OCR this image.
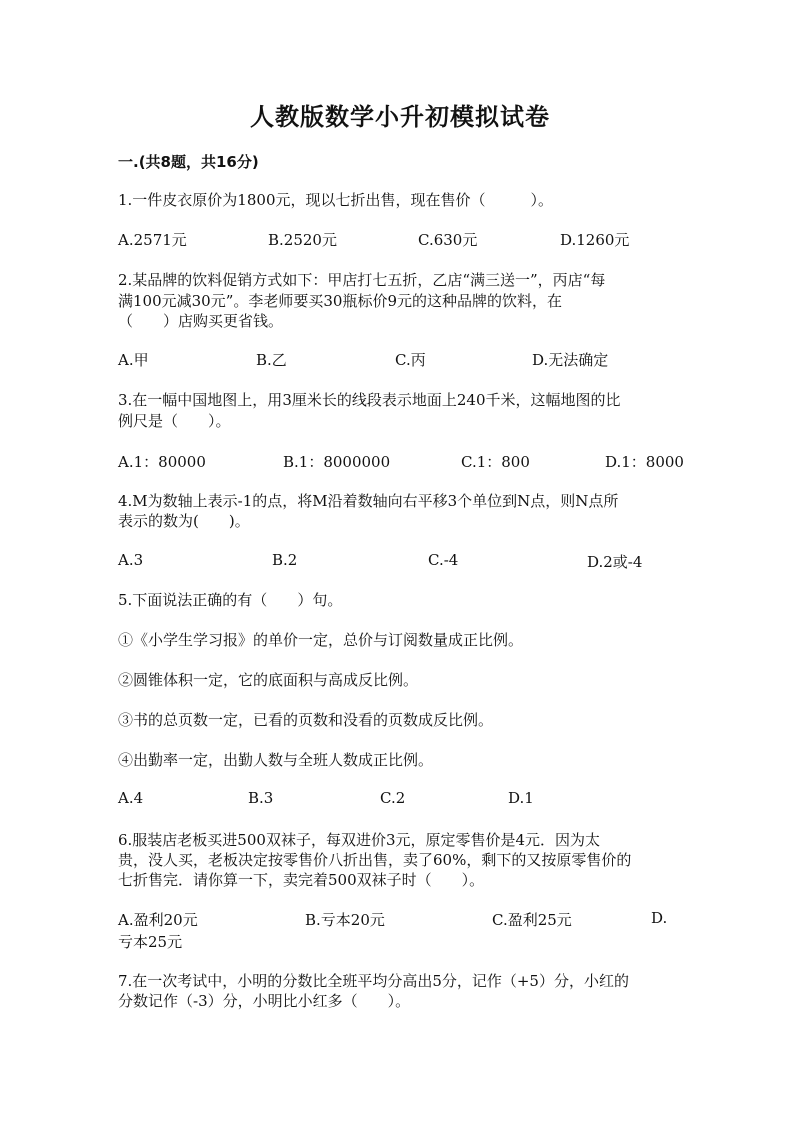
人教版数学小升初模拟试卷
一.(共8题，共16分)
1.一件皮衣原价为1800元，现以七折出售，现在售价（　　　）。
A.2571元	B.2520元	C.630元	D.1260元
2.某品牌的饮料促销方式如下：甲店打七五折，乙店“满三送一”，丙店“每
满100元减30元”。李老师要买30瓶标价9元的这种品牌的饮料，在
（　　）店购买更省钱。
A.甲	B.乙	C.丙	D.无法确定
3.在一幅中国地图上，用3厘米长的线段表示地面上240千米，这幅地图的比
例尺是（　　）。
A.1：80000	B.1：8000000	C.1：800	D.1：8000
4.M为数轴上表示-1的点，将M沿着数轴向右平移3个单位到N点，则N点所
表示的数为(　　)。
A.3	B.2	C.-4	D.2或-4
5.下面说法正确的有（　　）句。
①《小学生学习报》的单价一定，总价与订阅数量成正比例。
②圆锥体积一定，它的底面积与高成反比例。
③书的总页数一定，已看的页数和没看的页数成反比例。
④出勤率一定，出勤人数与全班人数成正比例。
A.4	B.3	C.2	D.1
6.服装店老板买进500双袜子，每双进价3元，原定零售价是4元．因为太
贵，没人买，老板决定按零售价八折出售，卖了60%，剩下的又按原零售价的
七折售完．请你算一下，卖完着500双袜子时（　　）。
A.盈利20元	B.亏本20元	C.盈利25元	D.
亏本25元
7.在一次考试中，小明的分数比全班平均分高出5分，记作（+5）分，小红的
分数记作（-3）分，小明比小红多（　　）。
